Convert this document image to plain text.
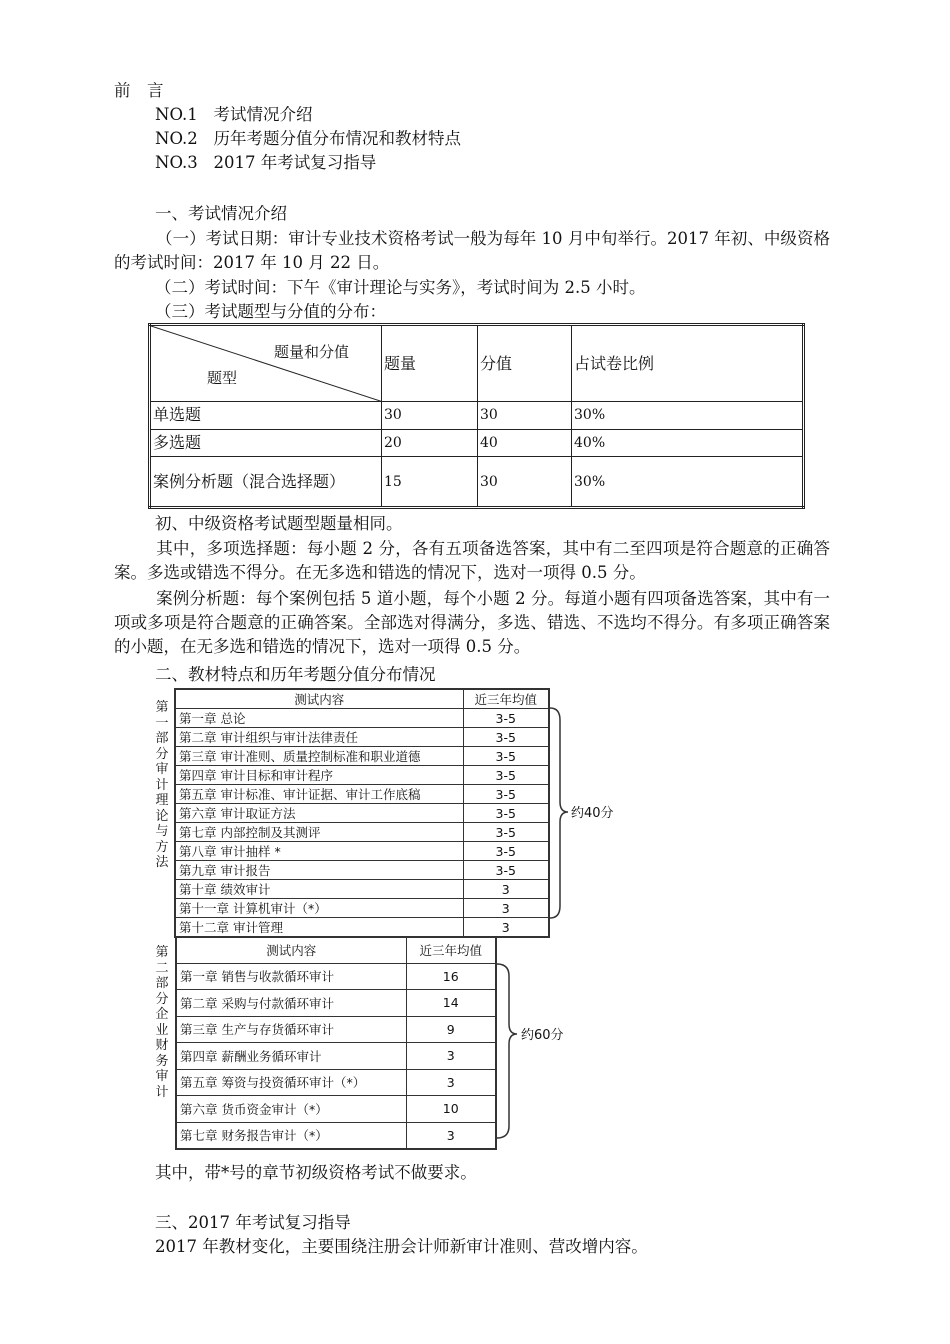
前　言
NO.1 考试情况介绍
NO.2 历年考题分值分布情况和教材特点
NO.3 2017 年考试复习指导
一、考试情况介绍
（一）考试日期：审计专业技术资格考试一般为每年 10 月中旬举行。2017 年初、中级资格的考试时间：2017 年 10 月 22 日。
（二）考试时间：下午《审计理论与实务》，考试时间为 2.5 小时。
（三）考试题型与分值的分布：
题量和分值
题型	题量	分值	占试卷比例
单选题	30	30	30%
多选题	20	40	40%
案例分析题（混合选择题）	15	30	30%
初、中级资格考试题型题量相同。
其中，多项选择题：每小题 2 分，各有五项备选答案，其中有二至四项是符合题意的正确答案。多选或错选不得分。在无多选和错选的情况下，选对一项得 0.5 分。
案例分析题：每个案例包括 5 道小题，每个小题 2 分。每道小题有四项备选答案，其中有一项或多项是符合题意的正确答案。全部选对得满分，多选、错选、不选均不得分。有多项正确答案的小题，在无多选和错选的情况下，选对一项得 0.5 分。
二、教材特点和历年考题分值分布情况
第一部分审计理论与方法
测试内容	近三年均值
第一章 总论	3-5
第二章 审计组织与审计法律责任	3-5
第三章 审计准则、质量控制标准和职业道德	3-5
第四章 审计目标和审计程序	3-5
第五章 审计标准、审计证据、审计工作底稿	3-5
第六章 审计取证方法	3-5
第七章 内部控制及其测评	3-5
第八章 审计抽样 *	3-5
第九章 审计报告	3-5
第十章 绩效审计	3
第十一章 计算机审计（*）	3
第十二章 审计管理	3
约40分
第二部分企业财务审计
测试内容	近三年均值
第一章 销售与收款循环审计	16
第二章 采购与付款循环审计	14
第三章 生产与存货循环审计	9
第四章 薪酬业务循环审计	3
第五章 筹资与投资循环审计（*）	3
第六章 货币资金审计（*）	10
第七章 财务报告审计（*）	3
约60分
其中，带*号的章节初级资格考试不做要求。
三、2017 年考试复习指导
2017 年教材变化，主要围绕注册会计师新审计准则、营改增内容。
